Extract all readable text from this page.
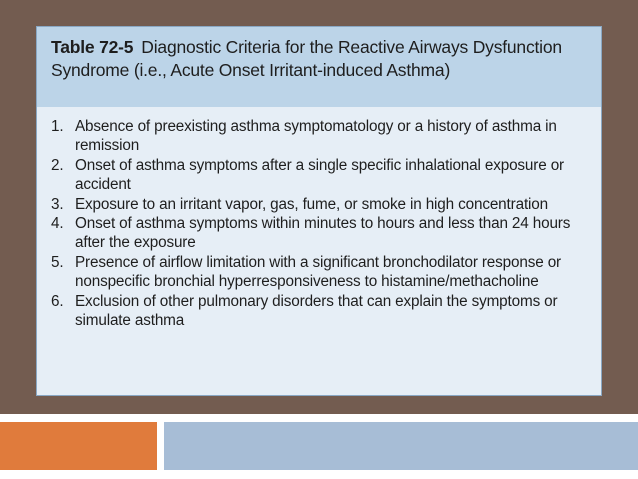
Table 72-5 Diagnostic Criteria for the Reactive Airways Dysfunction Syndrome (i.e., Acute Onset Irritant-induced Asthma)
1. Absence of preexisting asthma symptomatology or a history of asthma in remission
2. Onset of asthma symptoms after a single specific inhalational exposure or accident
3. Exposure to an irritant vapor, gas, fume, or smoke in high concentration
4. Onset of asthma symptoms within minutes to hours and less than 24 hours after the exposure
5. Presence of airflow limitation with a significant bronchodilator response or nonspecific bronchial hyperresponsiveness to histamine/methacholine
6. Exclusion of other pulmonary disorders that can explain the symptoms or simulate asthma
